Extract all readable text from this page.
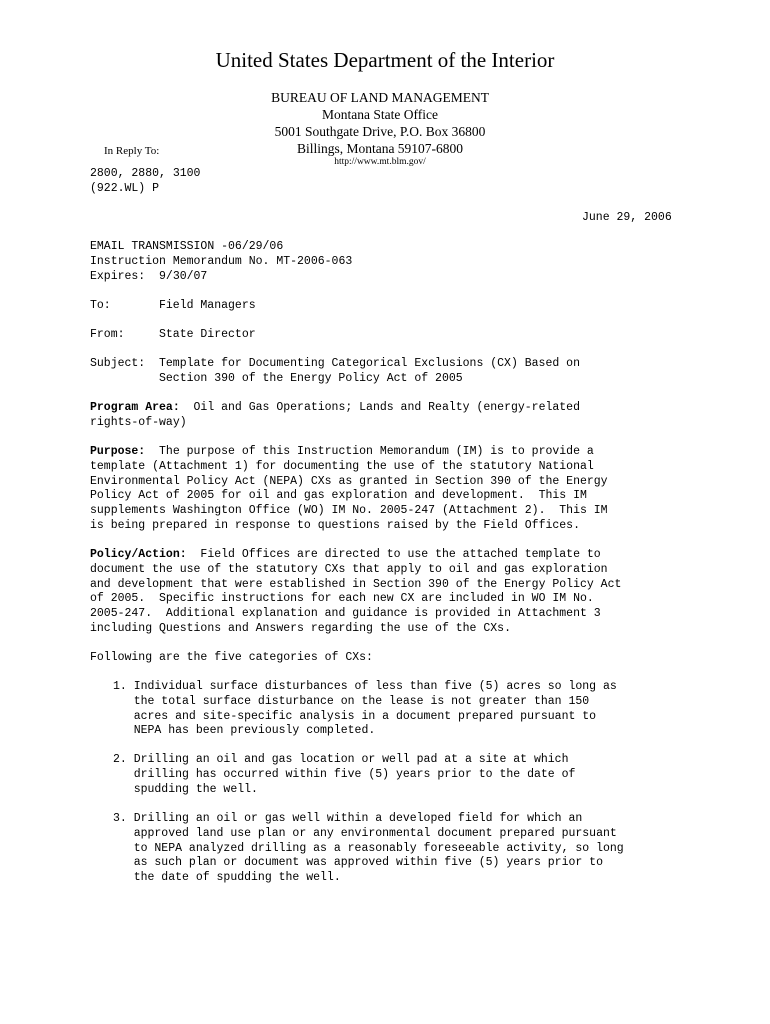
United States Department of the Interior
BUREAU OF LAND MANAGEMENT
Montana State Office
5001 Southgate Drive, P.O. Box 36800
Billings, Montana 59107-6800
http://www.mt.blm.gov/
In Reply To:
2800, 2880, 3100
(922.WL) P
June 29, 2006
EMAIL TRANSMISSION -06/29/06
Instruction Memorandum No. MT-2006-063
Expires:  9/30/07
To:	Field Managers
From:	State Director
Subject: Template for Documenting Categorical Exclusions (CX) Based on
Section 390 of the Energy Policy Act of 2005
Program Area:  Oil and Gas Operations; Lands and Realty (energy-related
rights-of-way)
Purpose:  The purpose of this Instruction Memorandum (IM) is to provide a
template (Attachment 1) for documenting the use of the statutory National
Environmental Policy Act (NEPA) CXs as granted in Section 390 of the Energy
Policy Act of 2005 for oil and gas exploration and development.  This IM
supplements Washington Office (WO) IM No. 2005-247 (Attachment 2).  This IM
is being prepared in response to questions raised by the Field Offices.
Policy/Action:  Field Offices are directed to use the attached template to
document the use of the statutory CXs that apply to oil and gas exploration
and development that were established in Section 390 of the Energy Policy Act
of 2005.  Specific instructions for each new CX are included in WO IM No.
2005-247.  Additional explanation and guidance is provided in Attachment 3
including Questions and Answers regarding the use of the CXs.
Following are the five categories of CXs:
1. Individual surface disturbances of less than five (5) acres so long as
the total surface disturbance on the lease is not greater than 150
acres and site-specific analysis in a document prepared pursuant to
NEPA has been previously completed.
2. Drilling an oil and gas location or well pad at a site at which
drilling has occurred within five (5) years prior to the date of
spudding the well.
3. Drilling an oil or gas well within a developed field for which an
approved land use plan or any environmental document prepared pursuant
to NEPA analyzed drilling as a reasonably foreseeable activity, so long
as such plan or document was approved within five (5) years prior to
the date of spudding the well.
